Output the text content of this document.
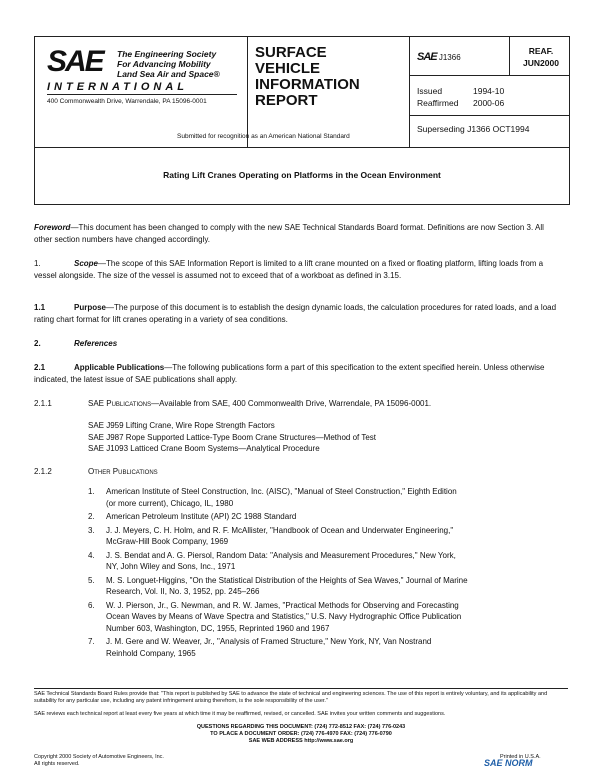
SAE The Engineering Society
For Advancing Mobility
Land Sea Air and Space®
INTERNATIONAL
400 Commonwealth Drive, Warrendale, PA 15096-0001
SURFACE
VEHICLE
INFORMATION
REPORT
SAE J1366
REAF.
JUN2000
Issued	1994-10
Reaffirmed 2000-06
Superseding J1366 OCT1994
Submitted for recognition as an American National Standard
Rating Lift Cranes Operating on Platforms in the Ocean Environment
Foreword—This document has been changed to comply with the new SAE Technical Standards Board format. Definitions are now Section 3. All other section numbers have changed accordingly.
1.	Scope—The scope of this SAE Information Report is limited to a lift crane mounted on a fixed or floating platform, lifting loads from a vessel alongside. The size of the vessel is assumed not to exceed that of a workboat as defined in 3.15.
1.1	Purpose—The purpose of this document is to establish the design dynamic loads, the calculation procedures for rated loads, and a load rating chart format for lift cranes operating in a variety of sea conditions.
2.	References
2.1	Applicable Publications—The following publications form a part of this specification to the extent specified herein. Unless otherwise indicated, the latest issue of SAE publications shall apply.
2.1.1	SAE Publications—Available from SAE, 400 Commonwealth Drive, Warrendale, PA 15096-0001.
SAE J959 Lifting Crane, Wire Rope Strength Factors
SAE J987 Rope Supported Lattice-Type Boom Crane Structures—Method of Test
SAE J1093 Latticed Crane Boom Systems—Analytical Procedure
2.1.2	Other Publications
1. American Institute of Steel Construction, Inc. (AISC), "Manual of Steel Construction," Eighth Edition
(or more current), Chicago, IL, 1980
2. American Petroleum Institute (API) 2C 1988 Standard
3. J. J. Meyers, C. H. Holm, and R. F. McAllister, "Handbook of Ocean and Underwater Engineering,"
McGraw-Hill Book Company, 1969
4. J. S. Bendat and A. G. Piersol, Random Data: "Analysis and Measurement Procedures," New York,
NY, John Wiley and Sons, Inc., 1971
5. M. S. Longuet-Higgins, "On the Statistical Distribution of the Heights of Sea Waves," Journal of Marine
Research, Vol. II, No. 3, 1952, pp. 245–266
6. W. J. Pierson, Jr., G. Newman, and R. W. James, "Practical Methods for Observing and Forecasting
Ocean Waves by Means of Wave Spectra and Statistics," U.S. Navy Hydrographic Office Publication
Number 603, Washington, DC, 1955, Reprinted 1960 and 1967
7. J. M. Gere and W. Weaver, Jr., "Analysis of Framed Structure," New York, NY, Van Nostrand
Reinhold Company, 1965
SAE Technical Standards Board Rules provide that: "This report is published by SAE to advance the state of technical and engineering sciences. The use of this report is entirely voluntary, and its applicability and suitability for any particular use, including any patent infringement arising therefrom, is the sole responsibility of the user."
SAE reviews each technical report at least every five years at which time it may be reaffirmed, revised, or cancelled. SAE invites your written comments and suggestions.
QUESTIONS REGARDING THIS DOCUMENT: (724) 772-8512 FAX: (724) 776-0243
TO PLACE A DOCUMENT ORDER: (724) 776-4970 FAX: (724) 776-0790
SAE WEB ADDRESS http://www.sae.org
Copyright 2000 Society of Automotive Engineers, Inc.
All rights reserved.
Printed in U.S.A.
SAE NORM
